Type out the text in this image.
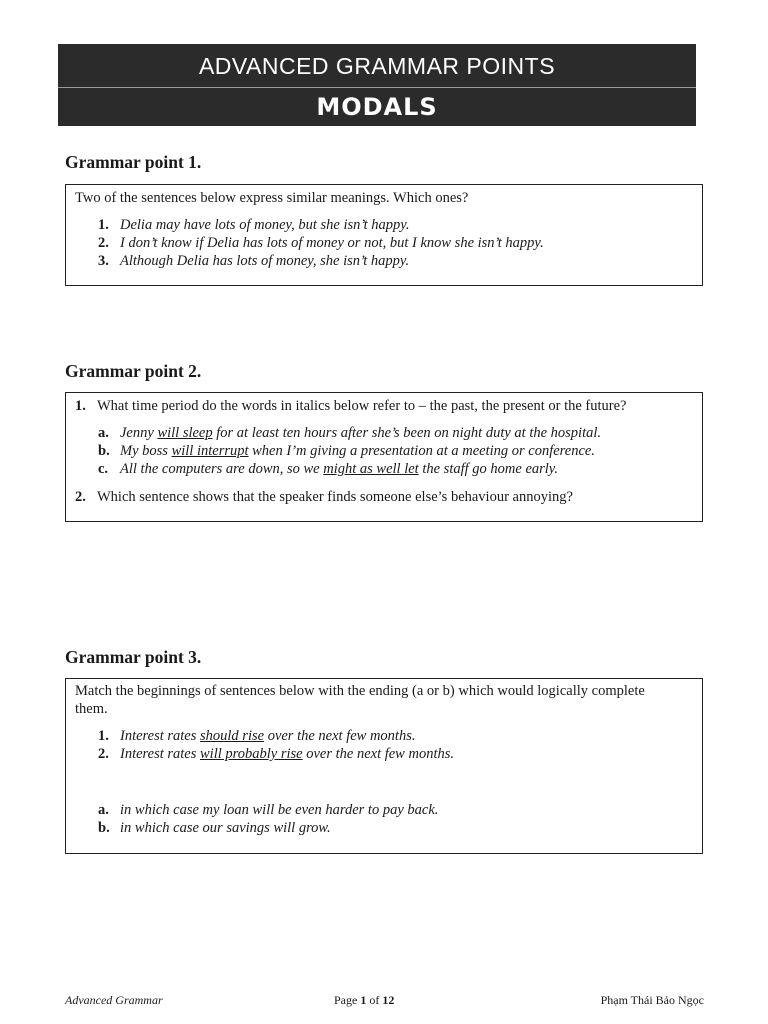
ADVANCED GRAMMAR POINTS
MODALS
Grammar point 1.
Two of the sentences below express similar meanings. Which ones?
1. Delia may have lots of money, but she isn’t happy.
2. I don’t know if Delia has lots of money or not, but I know she isn’t happy.
3. Although Delia has lots of money, she isn’t happy.
Grammar point 2.
1. What time period do the words in italics below refer to – the past, the present or the future?
a. Jenny will sleep for at least ten hours after she’s been on night duty at the hospital.
b. My boss will interrupt when I’m giving a presentation at a meeting or conference.
c. All the computers are down, so we might as well let the staff go home early.
2. Which sentence shows that the speaker finds someone else’s behaviour annoying?
Grammar point 3.
Match the beginnings of sentences below with the ending (a or b) which would logically complete
them.
1. Interest rates should rise over the next few months.
2. Interest rates will probably rise over the next few months.
a. in which case my loan will be even harder to pay back.
b. in which case our savings will grow.
Advanced Grammar	Page 1 of 12	Phạm Thái Bảo Ngọc
